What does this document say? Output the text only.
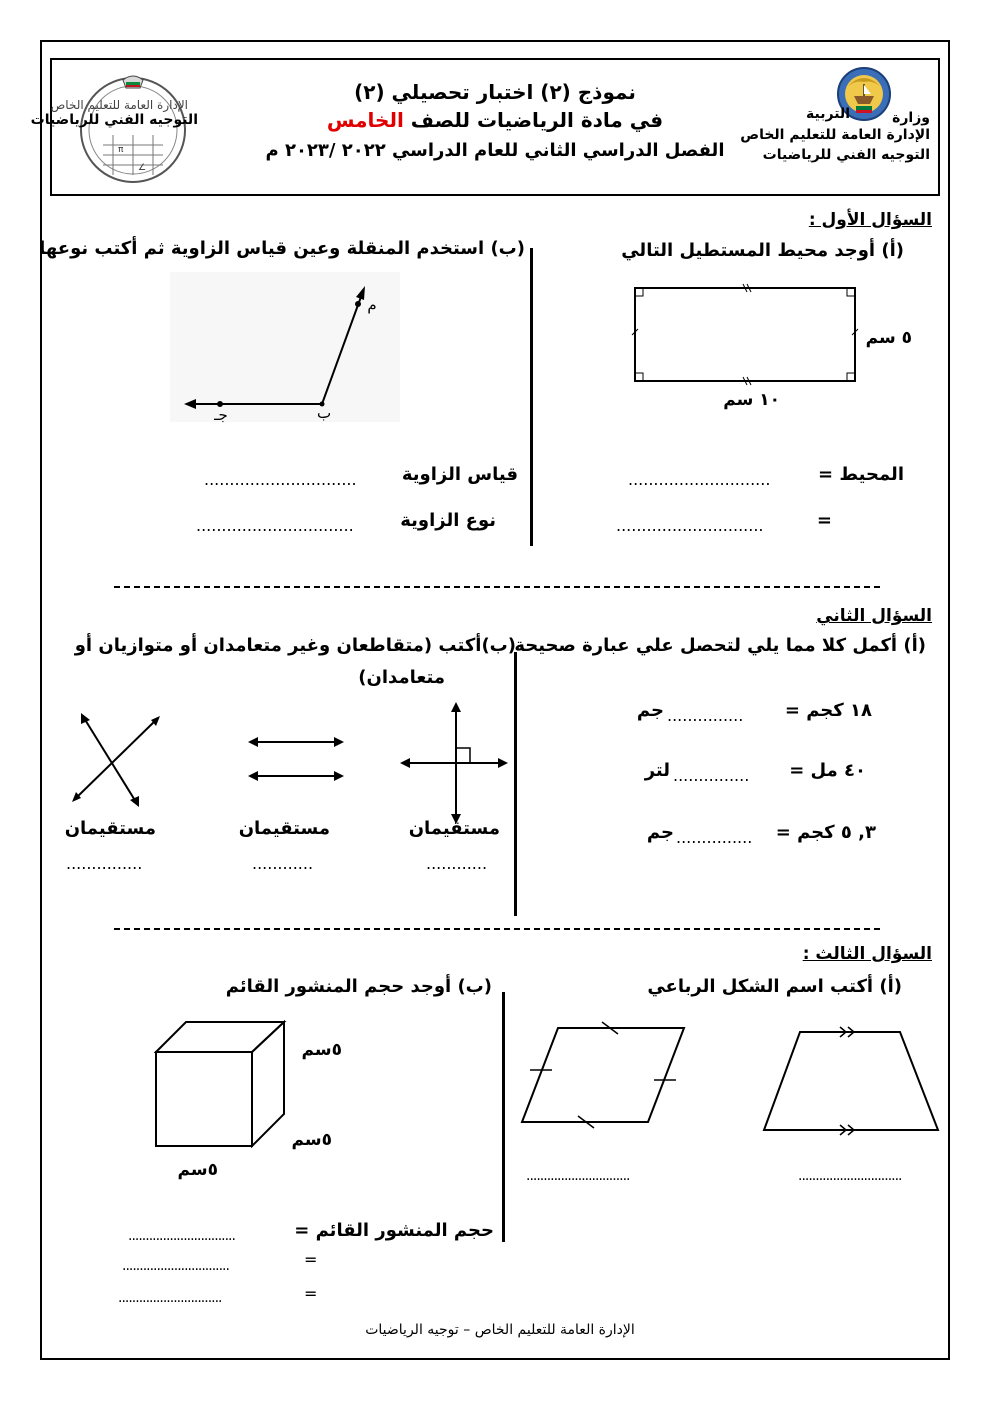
وزارة
التربية
الإدارة العامة للتعليم الخاص
التوجيه الفني للرياضيات
نموذج (٢) اختبار تحصيلي (٢)
في مادة الرياضيات للصف الخامس
الفصل الدراسي الثاني للعام الدراسي ٢٠٢٢ /٢٠٢٣ م
π
∠
الإدارة العامة للتعليم الخاص
التوجيه الفني للرياضيات
السؤال الأول :
(أ) أوجد محيط المستطيل التالي
(ب) استخدم المنقلة وعين قياس الزاوية ثم أكتب نوعها
٥ سم
١٠ سم
المحيط =
............................
=
.............................
م
ب
جـ
قياس الزاوية
..............................
نوع الزاوية
...............................
السؤال الثاني
(أ) أكمل كلا مما يلي لتحصل علي عبارة صحيحة
(ب)أكتب (متقاطعان وغير متعامدان أو متوازيان أو
متعامدان)
١٨ كجم =
...............
جم
٤٠ مل =
...............
لتر
٣, ٥ كجم =
...............
جم
مستقيمان
............
مستقيمان
............
مستقيمان
...............
السؤال الثالث :
(أ) أكتب اسم الشكل الرباعي
(ب) أوجد حجم المنشور القائم
..............................
..............................
٥سم
٥سم
٥سم
حجم المنشور القائم =
...............................
=
...............................
=
..............................
الإدارة العامة للتعليم الخاص – توجيه الرياضيات
